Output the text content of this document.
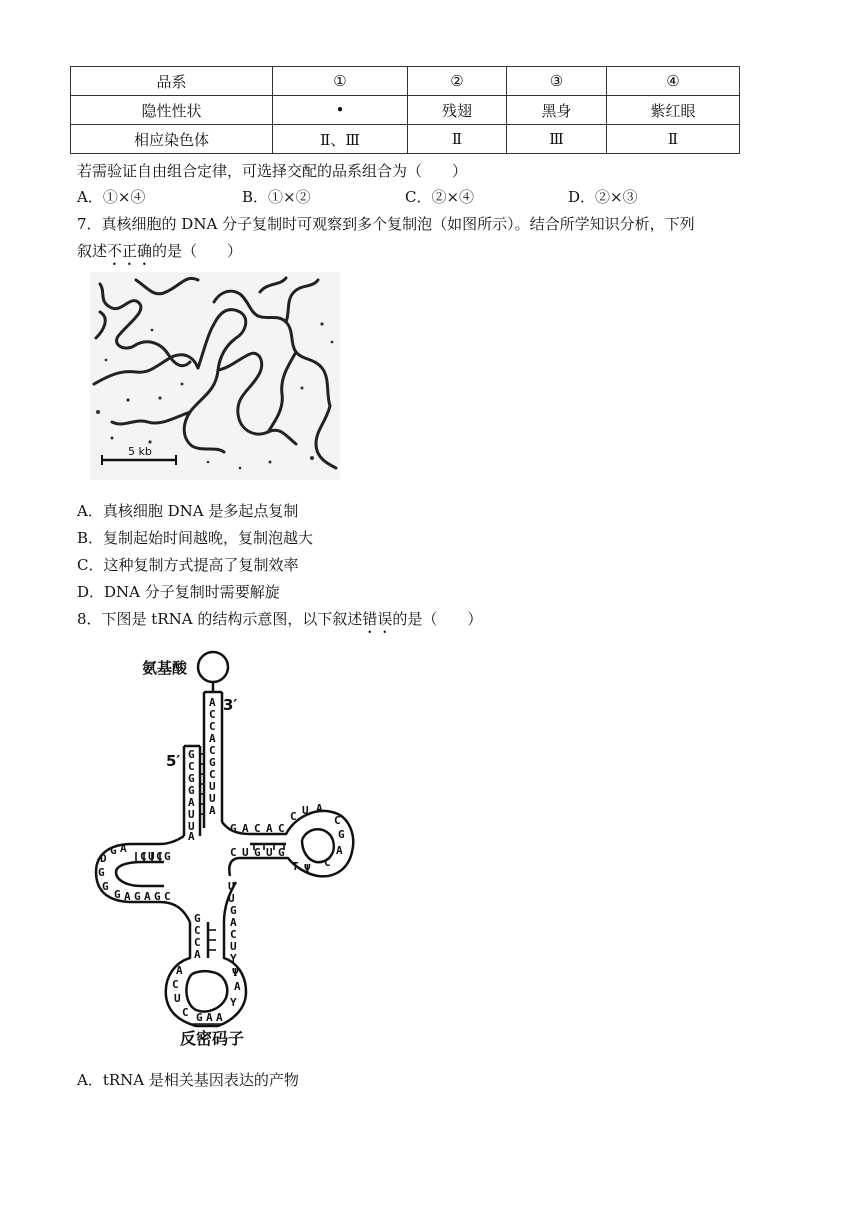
品系	①	②	③	④
隐性性状	•	残翅	黑身	紫红眼
相应染色体	Ⅱ、Ⅲ	Ⅱ	Ⅲ	Ⅱ
若需验证自由组合定律，可选择交配的品系组合为（　　）
A．①×④	B．①×②	C．②×④	D．②×③
7．真核细胞的 DNA 分子复制时可观察到多个复制泡（如图所示）。结合所学知识分析，下列
叙述不正确的是（　　）
5 kb
A．真核细胞 DNA 是多起点复制
B．复制起始时间越晚，复制泡越大
C．这种复制方式提高了复制效率
D．DNA 分子复制时需要解旋
8．下图是 tRNA 的结构示意图，以下叙述错误的是（　　）
氨基酸
3′
5′
反密码子
A
C
C
A
C
G
C
U
U
A
G
C
G
G
A
U
U
A
G A C A C
C U A
C
G
A
C
C U G U G
T Ψ
D
G A
G
G
G A
C U C G
G A G C
C
C
A
G
U
U
G
A
C
U
Y
A
C
U
C
Ψ
A
Y
G A A
A．tRNA 是相关基因表达的产物
